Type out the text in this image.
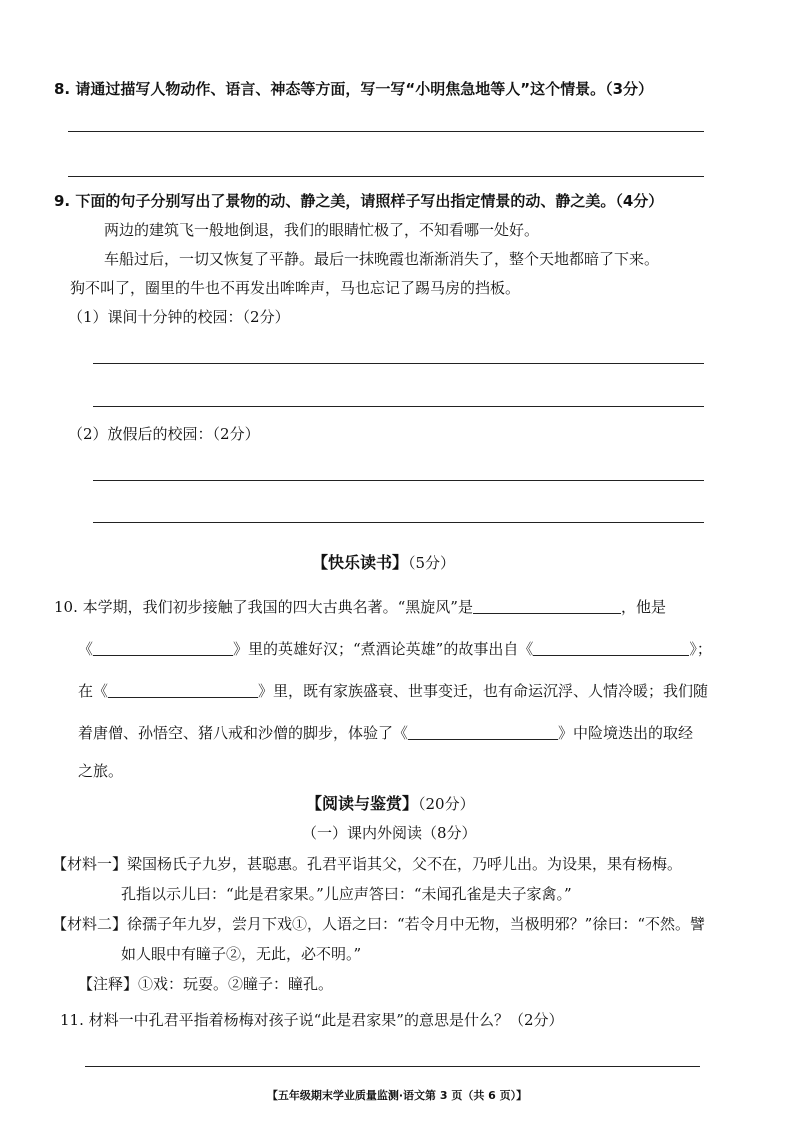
8. 请通过描写人物动作、语言、神态等方面，写一写“小明焦急地等人”这个情景。（3分）
9. 下面的句子分别写出了景物的动、静之美，请照样子写出指定情景的动、静之美。（4分）
两边的建筑飞一般地倒退，我们的眼睛忙极了，不知看哪一处好。
车船过后，一切又恢复了平静。最后一抹晚霞也渐渐消失了，整个天地都暗了下来。
狗不叫了，圈里的牛也不再发出哞哞声，马也忘记了踢马房的挡板。
（1）课间十分钟的校园：（2分）
（2）放假后的校园：（2分）
【快乐读书】（5分）
10. 本学期，我们初步接触了我国的四大古典名著。“黑旋风”是	，他是
《	》里的英雄好汉；“煮酒论英雄”的故事出自《	》；
在《	》里，既有家族盛衰、世事变迁，也有命运沉浮、人情冷暖；我们随
着唐僧、孙悟空、猪八戒和沙僧的脚步，体验了《	》中险境迭出的取经
之旅。
【阅读与鉴赏】（20分）
（一）课内外阅读（8分）
【材料一】梁国杨氏子九岁，甚聪惠。孔君平诣其父，父不在，乃呼儿出。为设果，果有杨梅。
孔指以示儿曰：“此是君家果。”儿应声答曰：“未闻孔雀是夫子家禽。”
【材料二】徐孺子年九岁，尝月下戏①，人语之曰：“若令月中无物，当极明邪？”徐曰：“不然。譬
如人眼中有瞳子②，无此，必不明。”
【注释】①戏：玩耍。②瞳子：瞳孔。
11. 材料一中孔君平指着杨梅对孩子说“此是君家果”的意思是什么？（2分）
【五年级期末学业质量监测·语文第 3 页（共 6 页）】
